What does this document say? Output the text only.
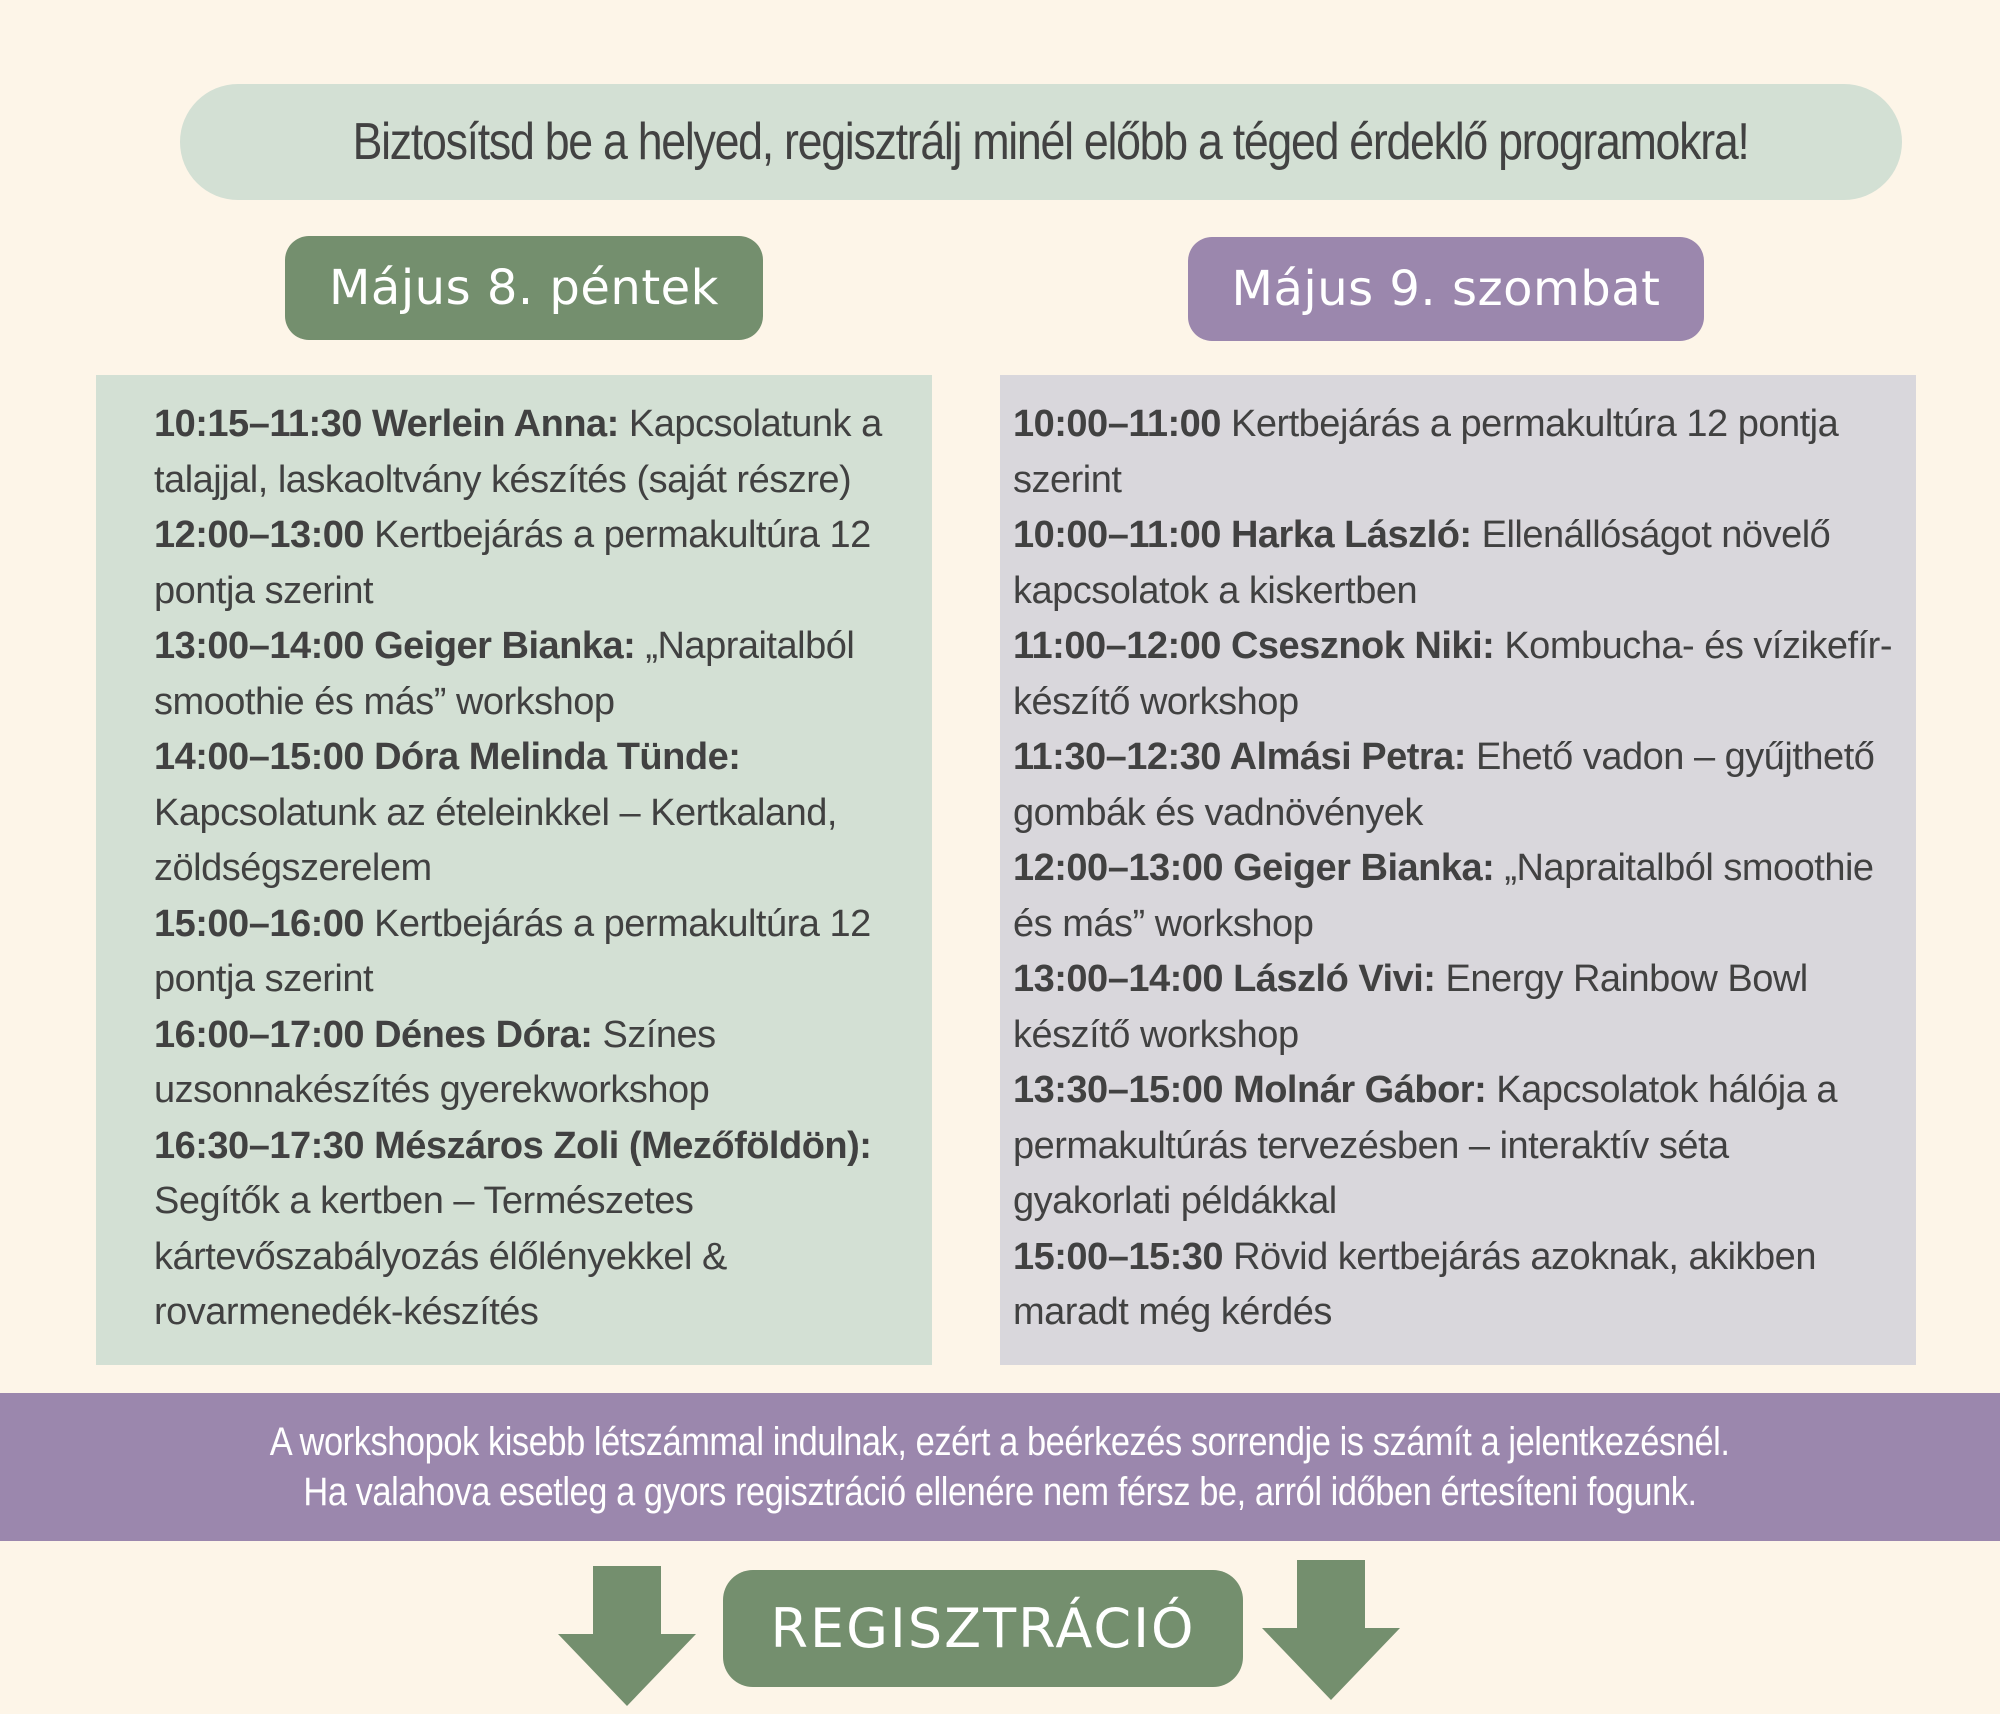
Biztosítsd be a helyed, regisztrálj minél előbb a téged érdeklő programokra!
Május 8. péntek	Május 9. szombat
10:15–11:30 Werlein Anna: Kapcsolatunk a talajjal, laskaoltvány készítés (saját részre)
12:00–13:00 Kertbejárás a permakultúra 12 pontja szerint
13:00–14:00 Geiger Bianka: „Napraitalból smoothie és más” workshop
14:00–15:00 Dóra Melinda Tünde: Kapcsolatunk az ételeinkkel – Kertkaland, zöldségszerelem
15:00–16:00 Kertbejárás a permakultúra 12 pontja szerint
16:00–17:00 Dénes Dóra: Színes uzsonnakészítés gyerekworkshop
16:30–17:30 Mészáros Zoli (Mezőföldön): Segítők a kertben – Természetes kártevőszabályozás élőlényekkel & rovarmenedék-készítés
10:00–11:00 Kertbejárás a permakultúra 12 pontja szerint
10:00–11:00 Harka László: Ellenállóságot növelő kapcsolatok a kiskertben
11:00–12:00 Csesznok Niki: Kombucha- és vízikefír-készítő workshop
11:30–12:30 Almási Petra: Ehető vadon – gyűjthető gombák és vadnövények
12:00–13:00 Geiger Bianka: „Napraitalból smoothie és más” workshop
13:00–14:00 László Vivi: Energy Rainbow Bowl készítő workshop
13:30–15:00 Molnár Gábor: Kapcsolatok hálója a permakultúrás tervezésben – interaktív séta gyakorlati példákkal
15:00–15:30 Rövid kertbejárás azoknak, akikben maradt még kérdés
A workshopok kisebb létszámmal indulnak, ezért a beérkezés sorrendje is számít a jelentkezésnél.
Ha valahova esetleg a gyors regisztráció ellenére nem férsz be, arról időben értesíteni fogunk.
REGISZTRÁCIÓ
